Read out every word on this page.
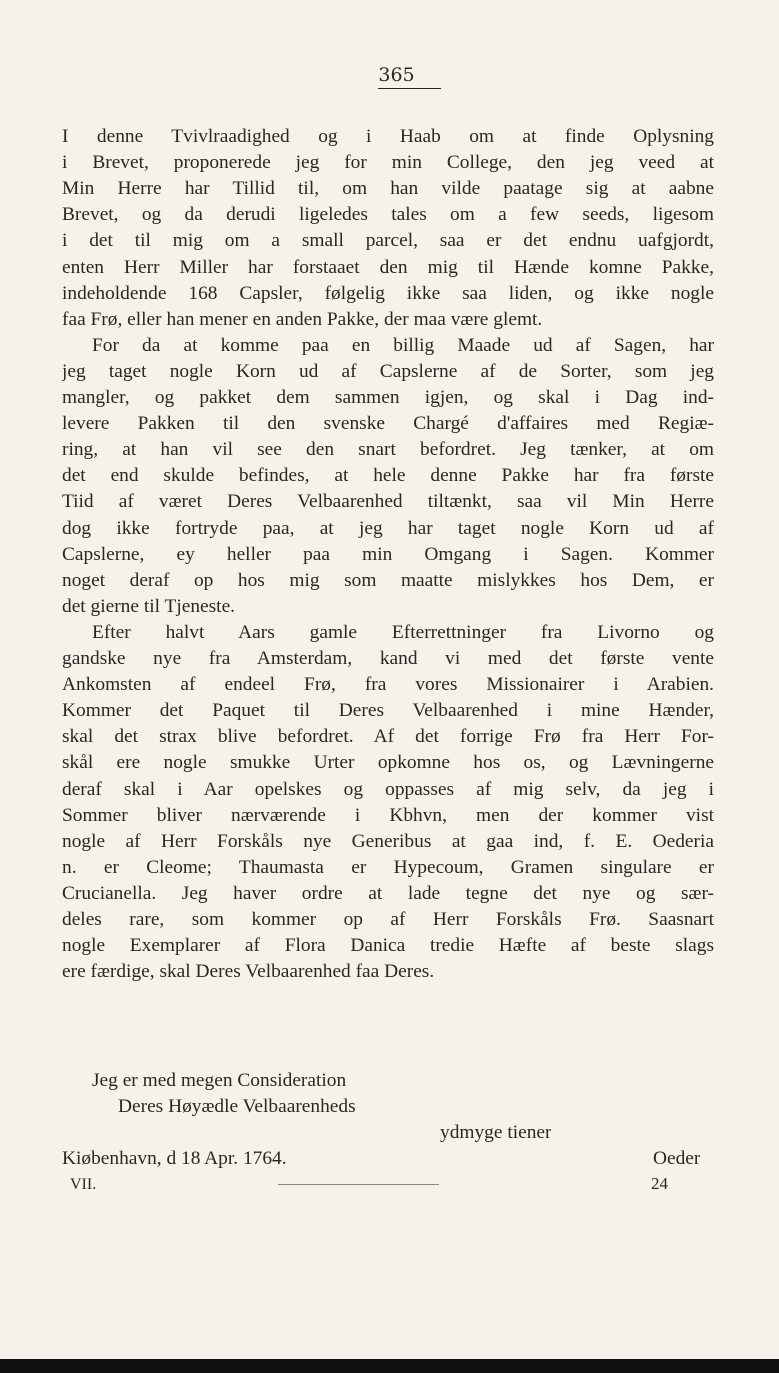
365
I denne Tvivlraadighed og i Haab om at finde Oplysning
i Brevet, proponerede jeg for min College, den jeg veed at
Min Herre har Tillid til, om han vilde paatage sig at aabne
Brevet, og da derudi ligeledes tales om a few seeds, ligesom
i det til mig om a small parcel, saa er det endnu uafgjordt,
enten Herr Miller har forstaaet den mig til Hænde komne Pakke,
indeholdende 168 Capsler, følgelig ikke saa liden, og ikke nogle
faa Frø, eller han mener en anden Pakke, der maa være glemt.
For da at komme paa en billig Maade ud af Sagen, har
jeg taget nogle Korn ud af Capslerne af de Sorter, som jeg
mangler, og pakket dem sammen igjen, og skal i Dag ind-
levere Pakken til den svenske Chargé d'affaires med Regiæ-
ring, at han vil see den snart befordret. Jeg tænker, at om
det end skulde befindes, at hele denne Pakke har fra første
Tiid af været Deres Velbaarenhed tiltænkt, saa vil Min Herre
dog ikke fortryde paa, at jeg har taget nogle Korn ud af
Capslerne, ey heller paa min Omgang i Sagen. Kommer
noget deraf op hos mig som maatte mislykkes hos Dem, er
det gierne til Tjeneste.
Efter halvt Aars gamle Efterrettninger fra Livorno og
gandske nye fra Amsterdam, kand vi med det første vente
Ankomsten af endeel Frø, fra vores Missionairer i Arabien.
Kommer det Paquet til Deres Velbaarenhed i mine Hænder,
skal det strax blive befordret. Af det forrige Frø fra Herr For-
skål ere nogle smukke Urter opkomne hos os, og Lævningerne
deraf skal i Aar opelskes og oppasses af mig selv, da jeg i
Sommer bliver nærværende i Kbhvn, men der kommer vist
nogle af Herr Forskåls nye Generibus at gaa ind, f. E. Oederia
n. er Cleome; Thaumasta er Hypecoum, Gramen singulare er
Crucianella. Jeg haver ordre at lade tegne det nye og sær-
deles rare, som kommer op af Herr Forskåls Frø. Saasnart
nogle Exemplarer af Flora Danica tredie Hæfte af beste slags
ere færdige, skal Deres Velbaarenhed faa Deres.
Jeg er med megen Consideration
Deres Høyædle Velbaarenheds
ydmyge tiener
Kiøbenhavn, d 18 Apr. 1764.	Oeder
VII.	24
